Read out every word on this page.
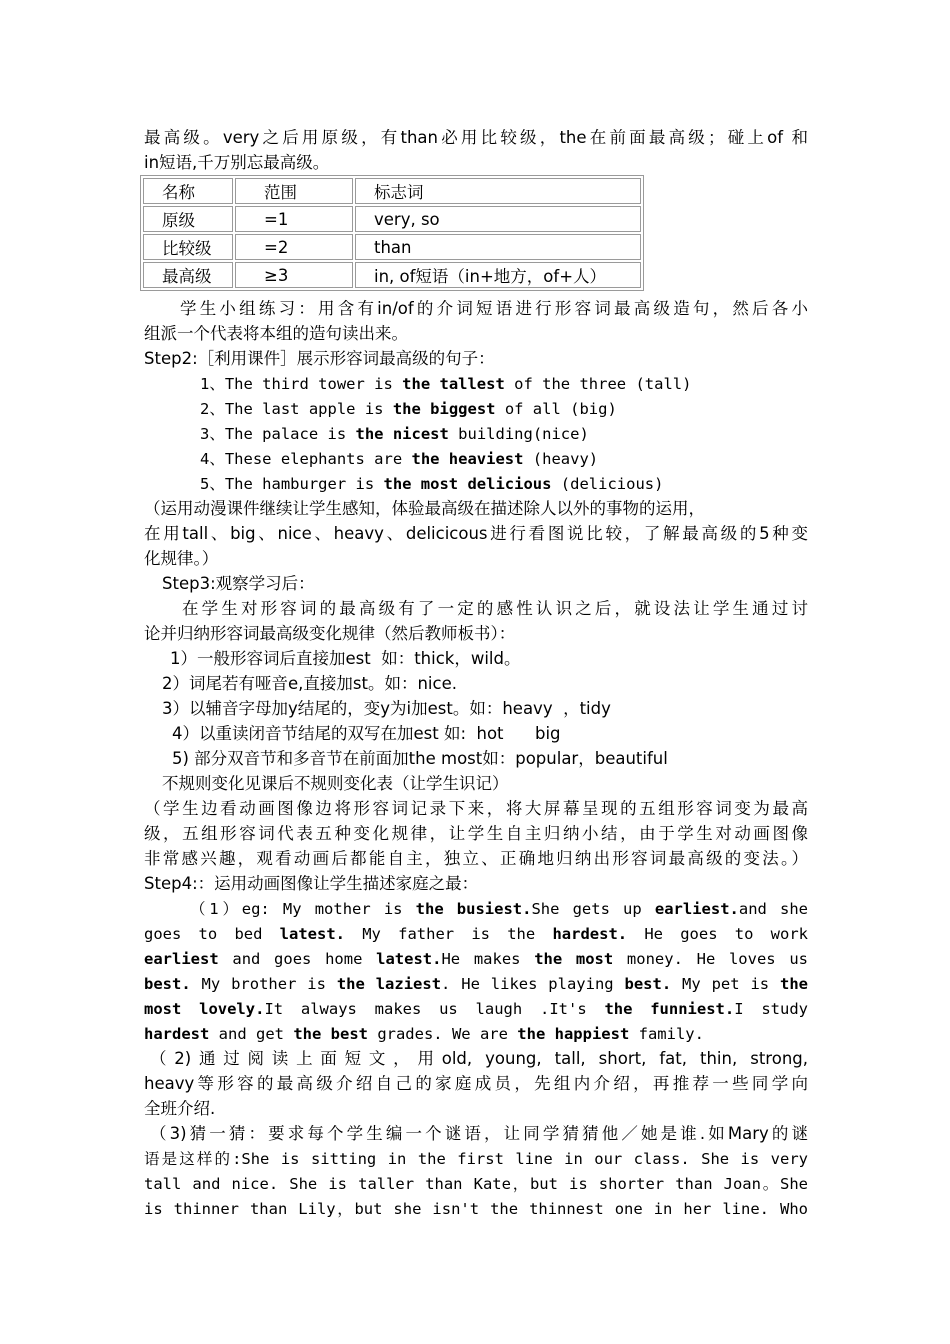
最高级。very之后用原级，有than必用比较级，the在前面最高级；碰上of 和
in短语,千万别忘最高级。
名称	范围	标志词
原级	=1	very, so
比较级	=2	than
最高级	≥3	in, of短语（in+地方，of+人）
学生小组练习：用含有in/of的介词短语进行形容词最高级造句，然后各小
组派一个代表将本组的造句读出来。
Step2:［利用课件］展示形容词最高级的句子：
1、The third tower is the tallest of the three (tall)
2、The last apple is the biggest of all (big)
3、The palace is the nicest building(nice)
4、These elephants are the heaviest (heavy)
5、The hamburger is the most delicious (delicious)
（运用动漫课件继续让学生感知，体验最高级在描述除人以外的事物的运用，
在用tall、big、nice、heavy、delicicous进行看图说比较，了解最高级的5种变
化规律。）
Step3:观察学习后：
在学生对形容词的最高级有了一定的感性认识之后，就设法让学生通过讨
论并归纳形容词最高级变化规律（然后教师板书）：
1）一般形容词后直接加est  如：thick，wild。
2）词尾若有哑音e,直接加st。如：nice.
3）以辅音字母加y结尾的，变y为i加est。如：heavy  ，tidy
4）以重读闭音节结尾的双写在加est 如:  hot      big
5) 部分双音节和多音节在前面加the most如：popular，beautiful
不规则变化见课后不规则变化表（让学生识记）
（学生边看动画图像边将形容词记录下来，将大屏幕呈现的五组形容词变为最高
级，五组形容词代表五种变化规律，让学生自主归纳小结，由于学生对动画图像
非常感兴趣，观看动画后都能自主，独立、正确地归纳出形容词最高级的变法。）
Step4:：运用动画图像让学生描述家庭之最：
（1）eg: My mother is the busiest.She gets up earliest.and she
goes to bed latest. My father is the hardest. He goes to work
earliest and goes home latest.He makes the most money. He loves us
best. My brother is the laziest. He likes playing best. My pet is the
most lovely.It always makes us laugh .It's the funniest.I study
hardest and get the best grades. We are the happiest family.
（2)通过阅读上面短文，用old, young, tall, short, fat, thin, strong,
heavy等形容的最高级介绍自己的家庭成员，先组内介绍，再推荐一些同学向
全班介绍.
（3)猜一猜：要求每个学生编一个谜语，让同学猜猜他／她是谁.如Mary的谜
语是这样的:She is sitting in the first line in our class. She is very
tall and nice. She is taller than Kate，but is shorter than Joan。She
is thinner than Lily，but she isn't the thinnest one in her line. Who
